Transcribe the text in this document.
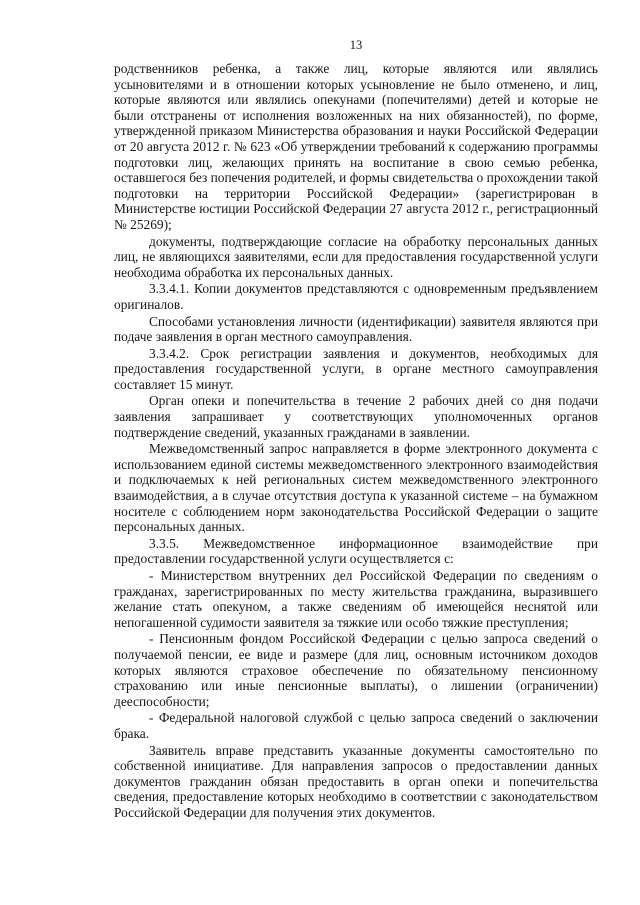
13

родственников ребенка, а также лиц, которые являются или являлись усыновителями и в отношении которых усыновление не было отменено, и лиц, которые являются или являлись опекунами (попечителями) детей и которые не были отстранены от исполнения возложенных на них обязанностей), по форме, утвержденной приказом Министерства образования и науки Российской Федерации от 20 августа 2012 г. № 623 «Об утверждении требований к содержанию программы подготовки лиц, желающих принять на воспитание в свою семью ребенка, оставшегося без попечения родителей, и формы свидетельства о прохождении такой подготовки на территории Российской Федерации» (зарегистрирован в Министерстве юстиции Российской Федерации 27 августа 2012 г., регистрационный № 25269);

документы, подтверждающие согласие на обработку персональных данных лиц, не являющихся заявителями, если для предоставления государственной услуги необходима обработка их персональных данных.

3.3.4.1. Копии документов представляются с одновременным предъявлением оригиналов.

Способами установления личности (идентификации) заявителя являются при подаче заявления в орган местного самоуправления.

3.3.4.2. Срок регистрации заявления и документов, необходимых для предоставления государственной услуги, в органе местного самоуправления составляет 15 минут.

Орган опеки и попечительства в течение 2 рабочих дней со дня подачи заявления запрашивает у соответствующих уполномоченных органов подтверждение сведений, указанных гражданами в заявлении.

Межведомственный запрос направляется в форме электронного документа с использованием единой системы межведомственного электронного взаимодействия и подключаемых к ней региональных систем межведомственного электронного взаимодействия, а в случае отсутствия доступа к указанной системе – на бумажном носителе с соблюдением норм законодательства Российской Федерации о защите персональных данных.

3.3.5. Межведомственное информационное взаимодействие при предоставлении государственной услуги осуществляется с:

- Министерством внутренних дел Российской Федерации по сведениям о гражданах, зарегистрированных по месту жительства гражданина, выразившего желание стать опекуном, а также сведениям об имеющейся неснятой или непогашенной судимости заявителя за тяжкие или особо тяжкие преступления;

- Пенсионным фондом Российской Федерации с целью запроса сведений о получаемой пенсии, ее виде и размере (для лиц, основным источником доходов которых являются страховое обеспечение по обязательному пенсионному страхованию или иные пенсионные выплаты), о лишении (ограничении) дееспособности;

- Федеральной налоговой службой с целью запроса сведений о заключении брака.

Заявитель вправе представить указанные документы самостоятельно по собственной инициативе. Для направления запросов о предоставлении данных документов гражданин обязан предоставить в орган опеки и попечительства сведения, предоставление которых необходимо в соответствии с законодательством Российской Федерации для получения этих документов.
